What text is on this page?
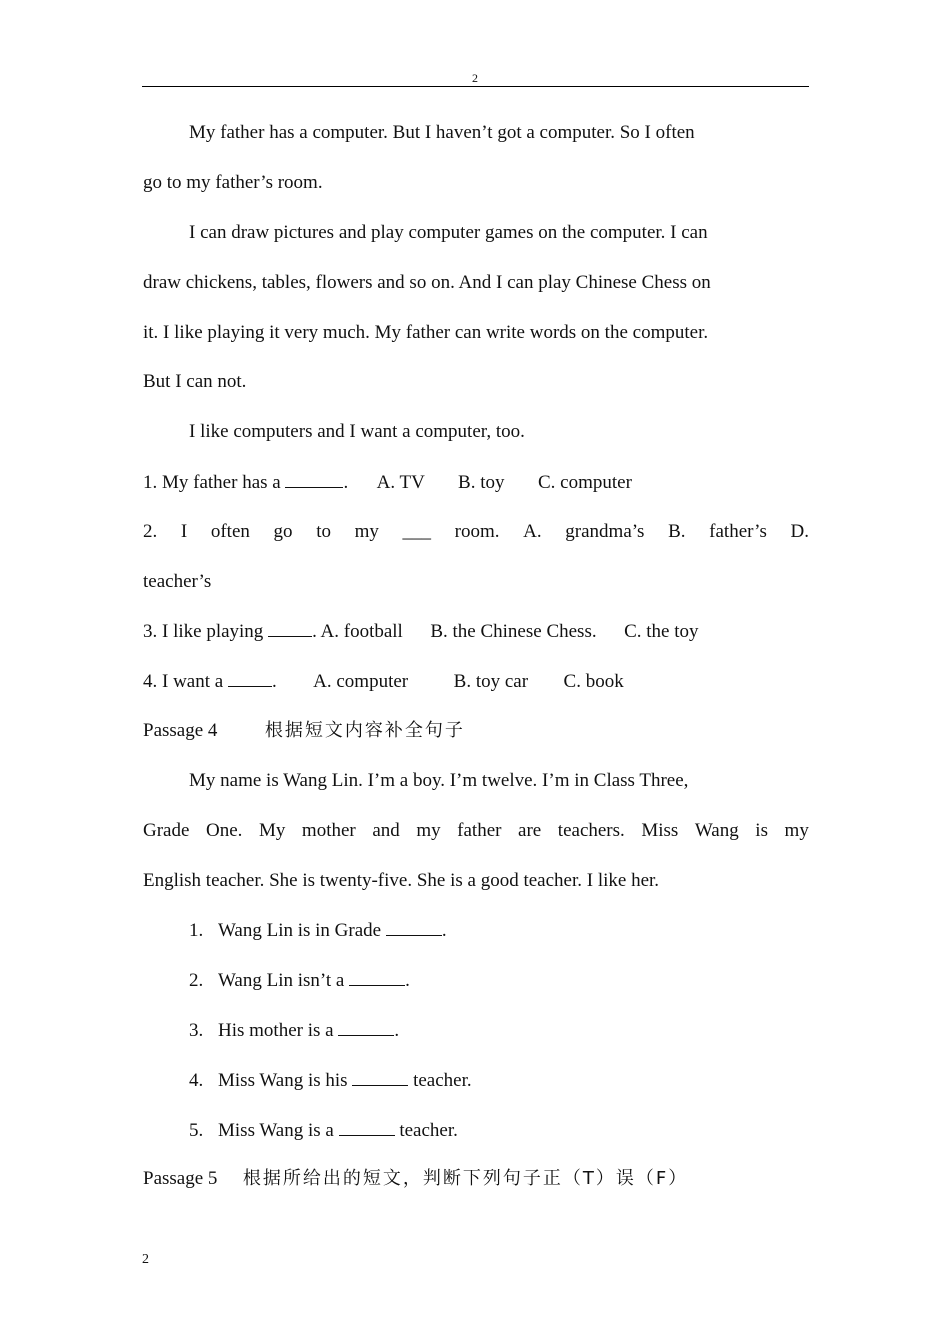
2
My father has a computer. But I haven’t got a computer. So I often
go to my father’s room.
I can draw pictures and play computer games on the computer. I can
draw chickens, tables, flowers and so on. And I can play Chinese Chess on
it. I like playing it very much. My father can write words on the computer.
But I can not.
I like computers and I want a computer, too.
1. My father has a	. A. TV B. toy C. computer
2. I often go to my ___ room. A. grandma’s B. father’s D.
teacher’s
3. I like playing	. A. football B. the Chinese Chess. C. the toy
4. I want a	. A. computer B. toy car C. book
Passage 4	根据短文内容补全句子
My name is Wang Lin. I’m a boy. I’m twelve. I’m in Class Three,
Grade One. My mother and my father are teachers. Miss Wang is my
English teacher. She is twenty-five. She is a good teacher. I like her.
1. Wang Lin is in Grade	.
2. Wang Lin isn’t a	.
3. His mother is a	.
4. Miss Wang is his	teacher.
5. Miss Wang is a	teacher.
Passage 5 根据所给出的短文，判断下列句子正（T）误（F）
2
